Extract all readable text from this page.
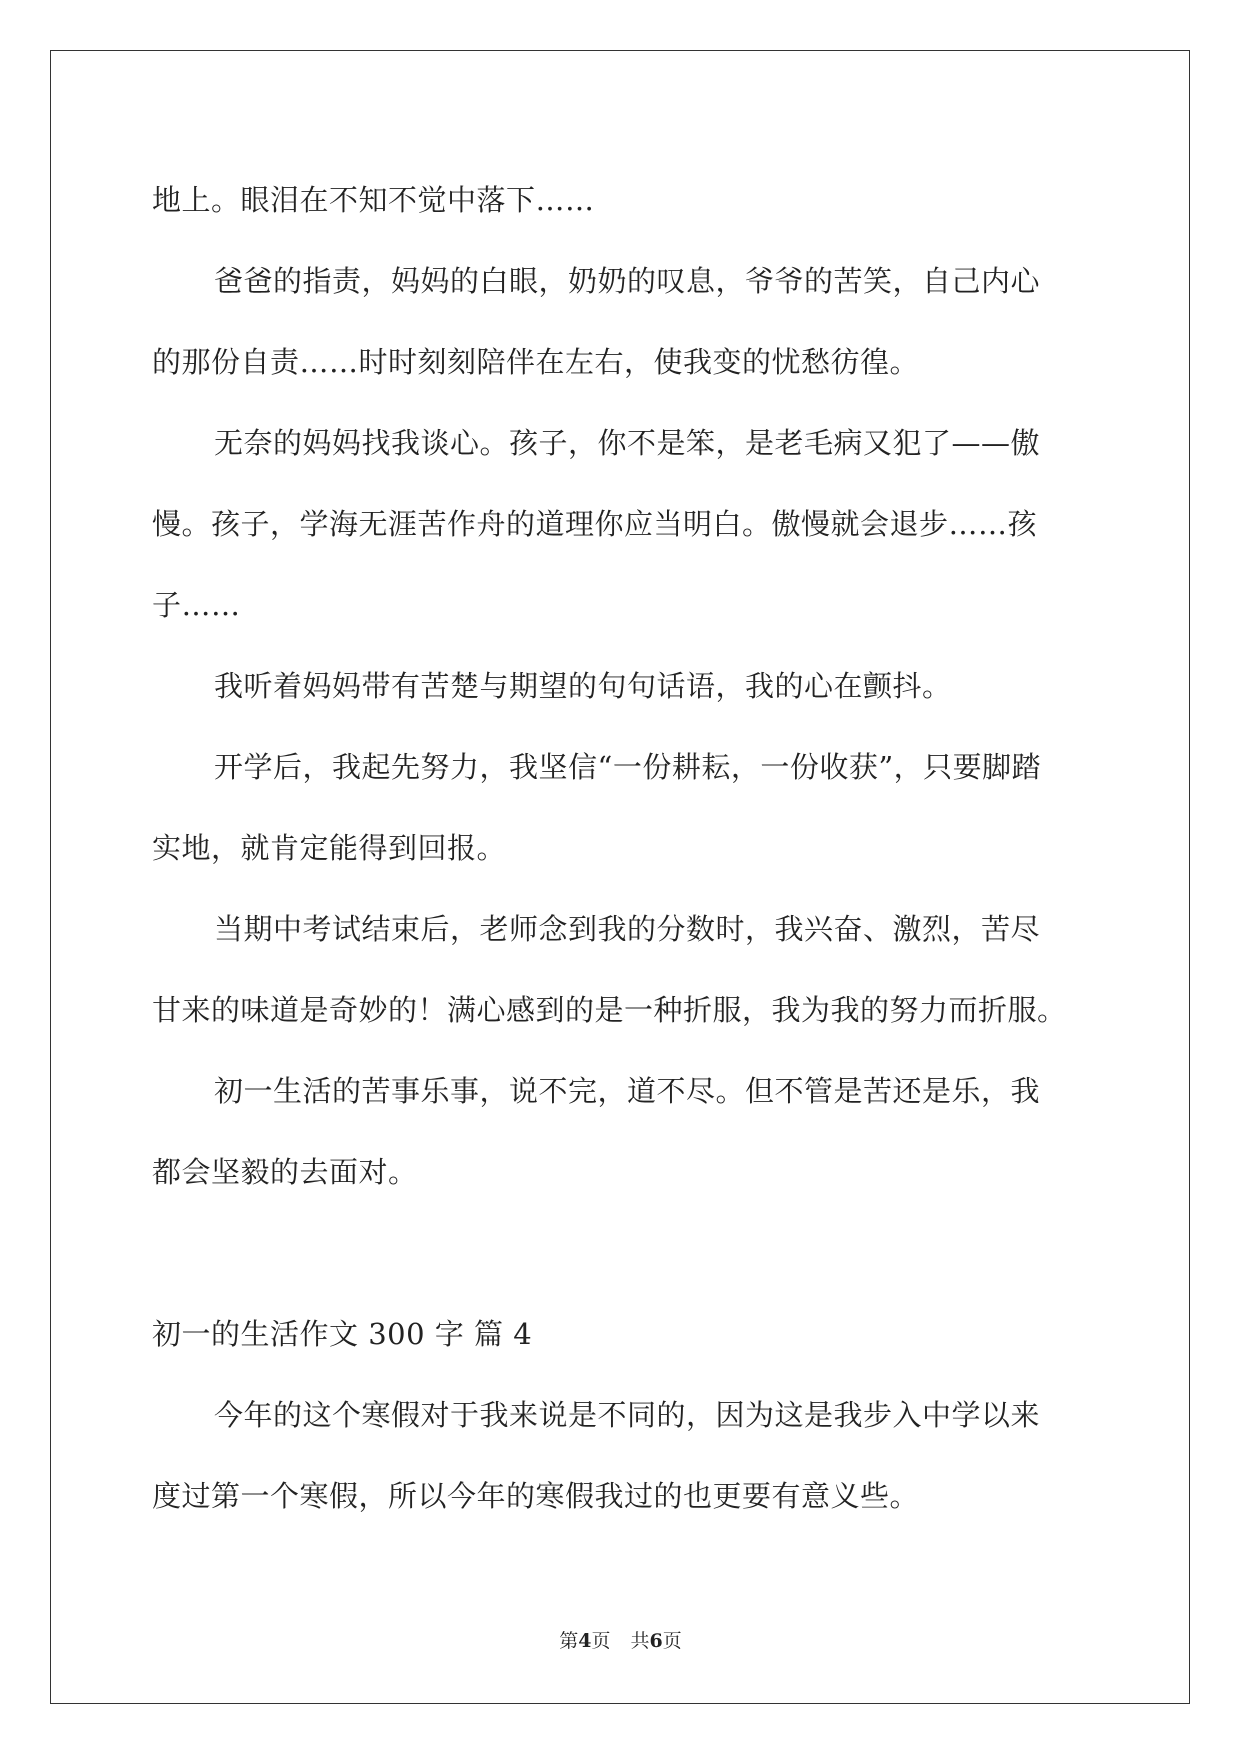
地上。眼泪在不知不觉中落下……
爸爸的指责，妈妈的白眼，奶奶的叹息，爷爷的苦笑，自己内心
的那份自责……时时刻刻陪伴在左右，使我变的忧愁彷徨。
无奈的妈妈找我谈心。孩子，你不是笨，是老毛病又犯了——傲
慢。孩子，学海无涯苦作舟的道理你应当明白。傲慢就会退步……孩
子……
我听着妈妈带有苦楚与期望的句句话语，我的心在颤抖。
开学后，我起先努力，我坚信“一份耕耘，一份收获”，只要脚踏
实地，就肯定能得到回报。
当期中考试结束后，老师念到我的分数时，我兴奋、激烈，苦尽
甘来的味道是奇妙的！满心感到的是一种折服，我为我的努力而折服。
初一生活的苦事乐事，说不完，道不尽。但不管是苦还是乐，我
都会坚毅的去面对。
初一的生活作文 300 字 篇 4
今年的这个寒假对于我来说是不同的，因为这是我步入中学以来
度过第一个寒假，所以今年的寒假我过的也更要有意义些。
第4页 共6页
